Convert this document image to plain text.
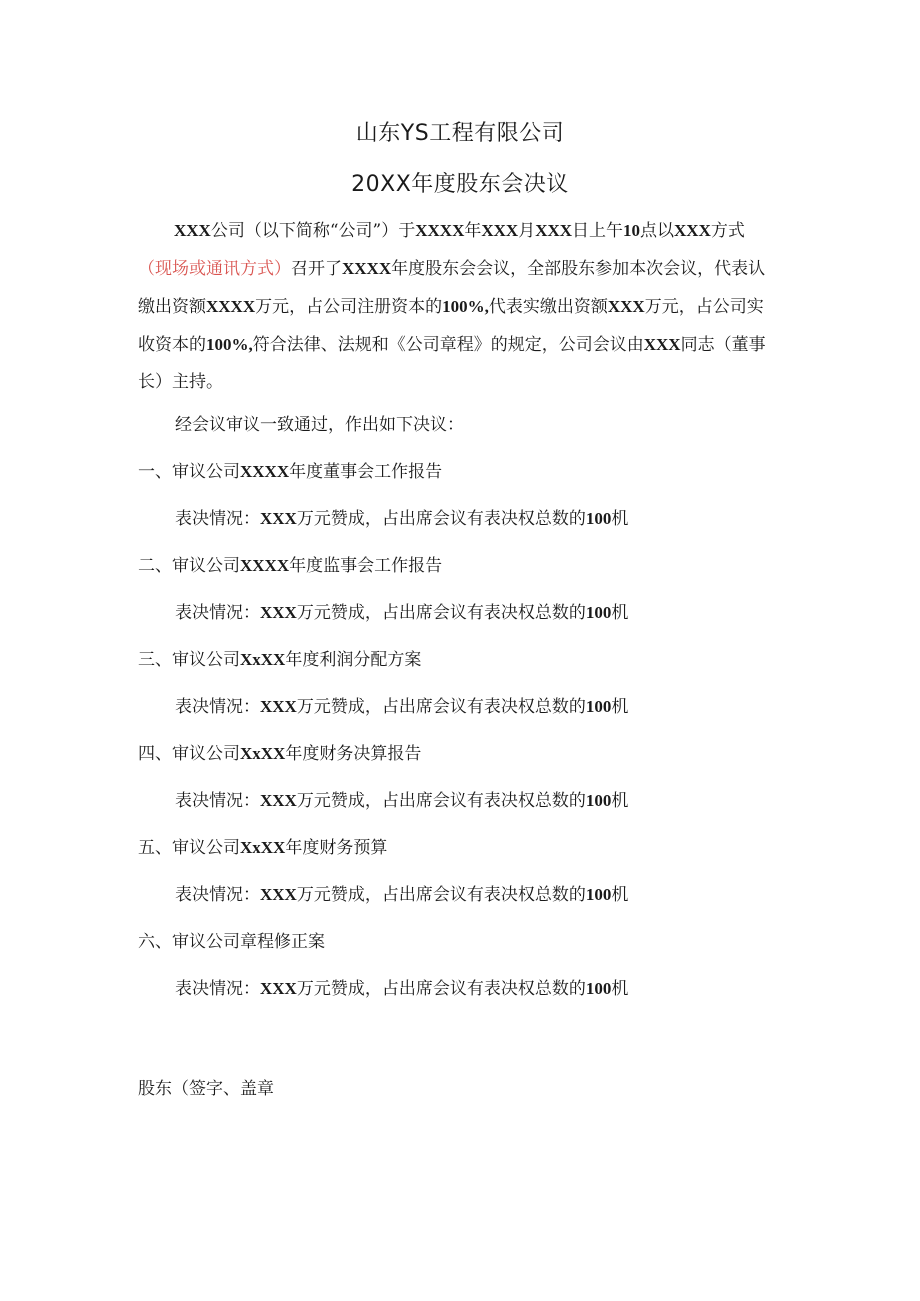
山东YS工程有限公司
20XX年度股东会决议
XXX公司（以下简称“公司”）于XXXX年XXX月XXX日上午10点以XXX方式（现场或通讯方式）召开了XXXX年度股东会会议，全部股东参加本次会议，代表认缴出资额XXXX万元，占公司注册资本的100%,代表实缴出资额XXX万元，占公司实收资本的100%,符合法律、法规和《公司章程》的规定，公司会议由XXX同志（董事长）主持。
经会议审议一致通过，作出如下决议：
一、审议公司XXXX年度董事会工作报告
表决情况：XXX万元赞成，占出席会议有表决权总数的100机
二、审议公司XXXX年度监事会工作报告
表决情况：XXX万元赞成，占出席会议有表决权总数的100机
三、审议公司XxXX年度利润分配方案
表决情况：XXX万元赞成，占出席会议有表决权总数的100机
四、审议公司XxXX年度财务决算报告
表决情况：XXX万元赞成，占出席会议有表决权总数的100机
五、审议公司XxXX年度财务预算
表决情况：XXX万元赞成，占出席会议有表决权总数的100机
六、审议公司章程修正案
表决情况：XXX万元赞成，占出席会议有表决权总数的100机
股东（签字、盖章
